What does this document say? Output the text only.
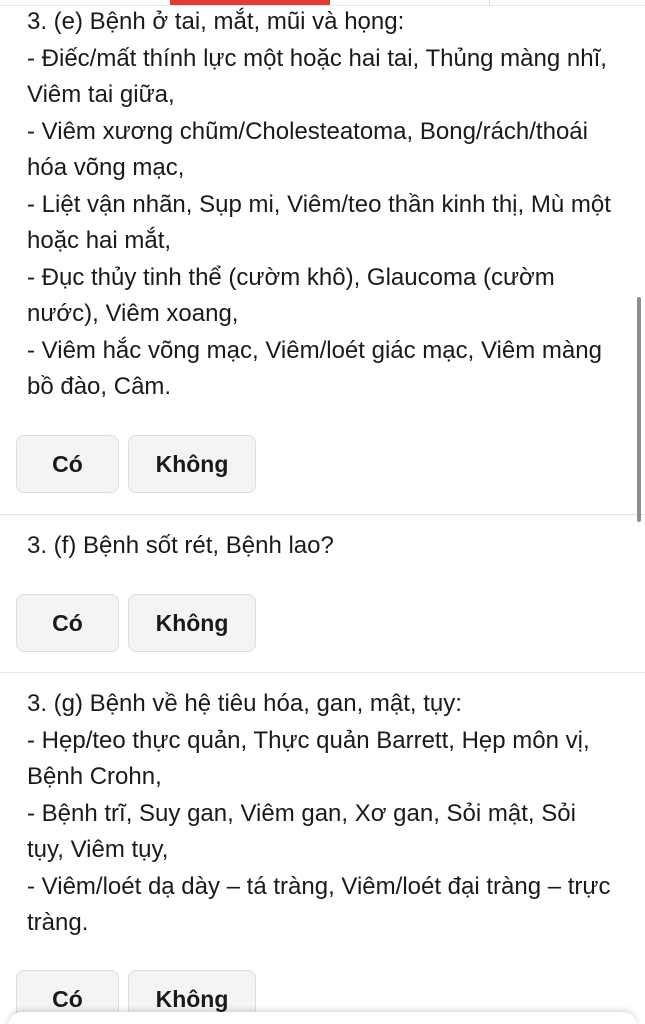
3. (e) Bệnh ở tai, mắt, mũi và họng:
- Điếc/mất thính lực một hoặc hai tai, Thủng màng nhĩ, Viêm tai giữa,
- Viêm xương chũm/Cholesteatoma, Bong/rách/thoái hóa võng mạc,
- Liệt vận nhãn, Sụp mi, Viêm/teo thần kinh thị, Mù một hoặc hai mắt,
- Đục thủy tinh thể (cườm khô), Glaucoma (cườm nước), Viêm xoang,
- Viêm hắc võng mạc, Viêm/loét giác mạc, Viêm màng bồ đào, Câm.

Có	Không

3. (f) Bệnh sốt rét, Bệnh lao?

Có	Không

3. (g) Bệnh về hệ tiêu hóa, gan, mật, tụy:
- Hẹp/teo thực quản, Thực quản Barrett, Hẹp môn vị, Bệnh Crohn,
- Bệnh trĩ, Suy gan, Viêm gan, Xơ gan, Sỏi mật, Sỏi tụy, Viêm tụy,
- Viêm/loét dạ dày – tá tràng, Viêm/loét đại tràng – trực tràng.

Có	Không
